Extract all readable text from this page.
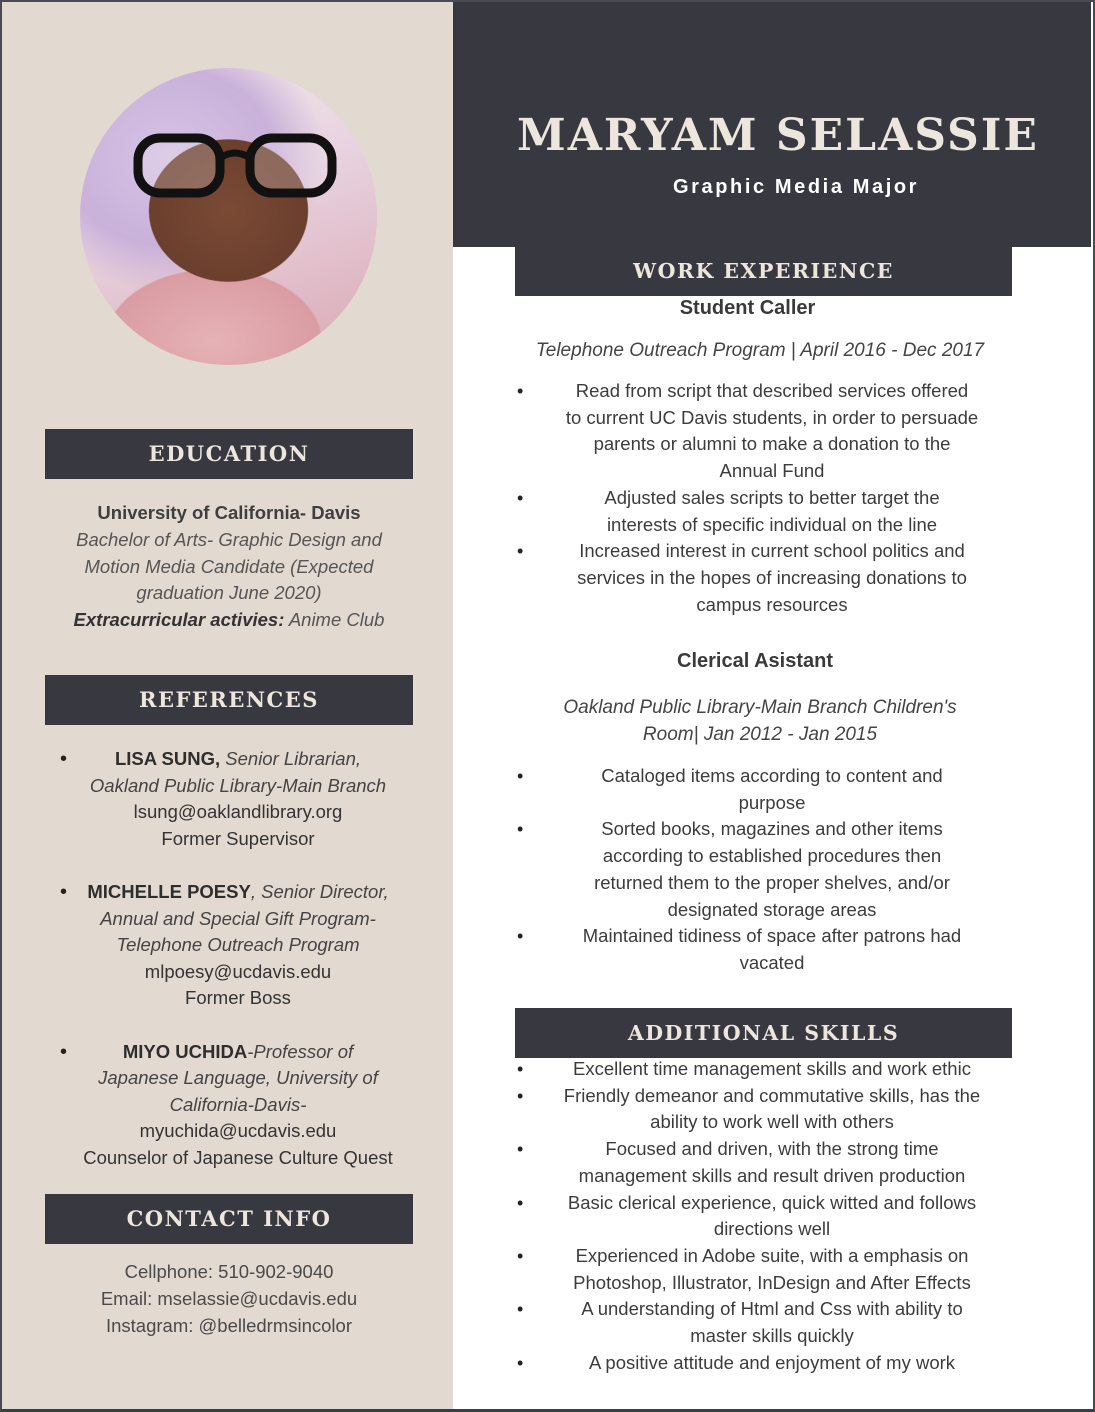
EDUCATION
University of California- Davis
Bachelor of Arts- Graphic Design and
Motion Media Candidate (Expected
graduation June 2020)
Extracurricular activies: Anime Club
REFERENCES
•	LISA SUNG, Senior Librarian,
Oakland Public Library-Main Branch
lsung@oaklandlibrary.org
Former Supervisor
•	MICHELLE POESY, Senior Director,
Annual and Special Gift Program-
Telephone Outreach Program
mlpoesy@ucdavis.edu
Former Boss
•	MIYO UCHIDA-Professor of
Japanese Language, University of
California-Davis-
myuchida@ucdavis.edu
Counselor of Japanese Culture Quest
CONTACT INFO
Cellphone: 510-902-9040
Email: mselassie@ucdavis.edu
Instagram: @belledrmsincolor
MARYAM SELASSIE
Graphic Media Major
WORK EXPERIENCE
Student Caller
Telephone Outreach Program | April 2016 - Dec 2017
• Read from script that described services offered
to current UC Davis students, in order to persuade
parents or alumni to make a donation to the
Annual Fund
• Adjusted sales scripts to better target the
interests of specific individual on the line
• Increased interest in current school politics and
services in the hopes of increasing donations to
campus resources
Clerical Asistant
Oakland Public Library-Main Branch Children's
Room| Jan 2012 - Jan 2015
• Cataloged items according to content and
purpose
• Sorted books, magazines and other items
according to established procedures then
returned them to the proper shelves, and/or
designated storage areas
• Maintained tidiness of space after patrons had
vacated
ADDITIONAL SKILLS
• Excellent time management skills and work ethic
• Friendly demeanor and commutative skills, has the
ability to work well with others
• Focused and driven, with the strong time
management skills and result driven production
• Basic clerical experience, quick witted and follows
directions well
• Experienced in Adobe suite, with a emphasis on
Photoshop, Illustrator, InDesign and After Effects
• A understanding of Html and Css with ability to
master skills quickly
• A positive attitude and enjoyment of my work
